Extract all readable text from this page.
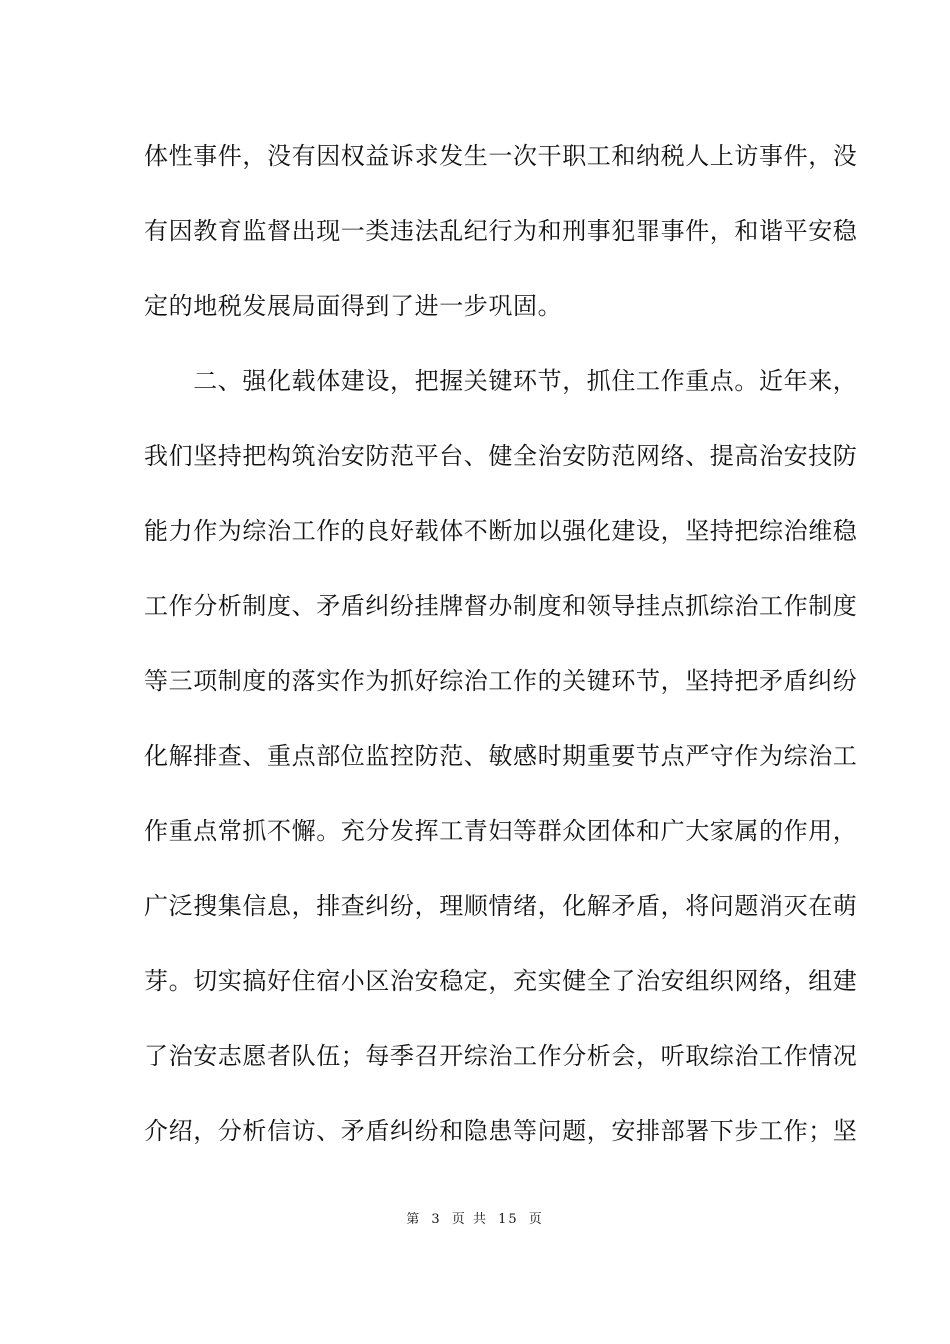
体性事件，没有因权益诉求发生一次干职工和纳税人上访事件，没
有因教育监督出现一类违法乱纪行为和刑事犯罪事件，和谐平安稳
定的地税发展局面得到了进一步巩固。
　　二、强化载体建设，把握关键环节，抓住工作重点。近年来，
我们坚持把构筑治安防范平台、健全治安防范网络、提高治安技防
能力作为综治工作的良好载体不断加以强化建设，坚持把综治维稳
工作分析制度、矛盾纠纷挂牌督办制度和领导挂点抓综治工作制度
等三项制度的落实作为抓好综治工作的关键环节，坚持把矛盾纠纷
化解排查、重点部位监控防范、敏感时期重要节点严守作为综治工
作重点常抓不懈。充分发挥工青妇等群众团体和广大家属的作用，
广泛搜集信息，排查纠纷，理顺情绪，化解矛盾，将问题消灭在萌
芽。切实搞好住宿小区治安稳定，充实健全了治安组织网络，组建
了治安志愿者队伍；每季召开综治工作分析会，听取综治工作情况
介绍，分析信访、矛盾纠纷和隐患等问题，安排部署下步工作；坚
第 3 页 共 15 页
